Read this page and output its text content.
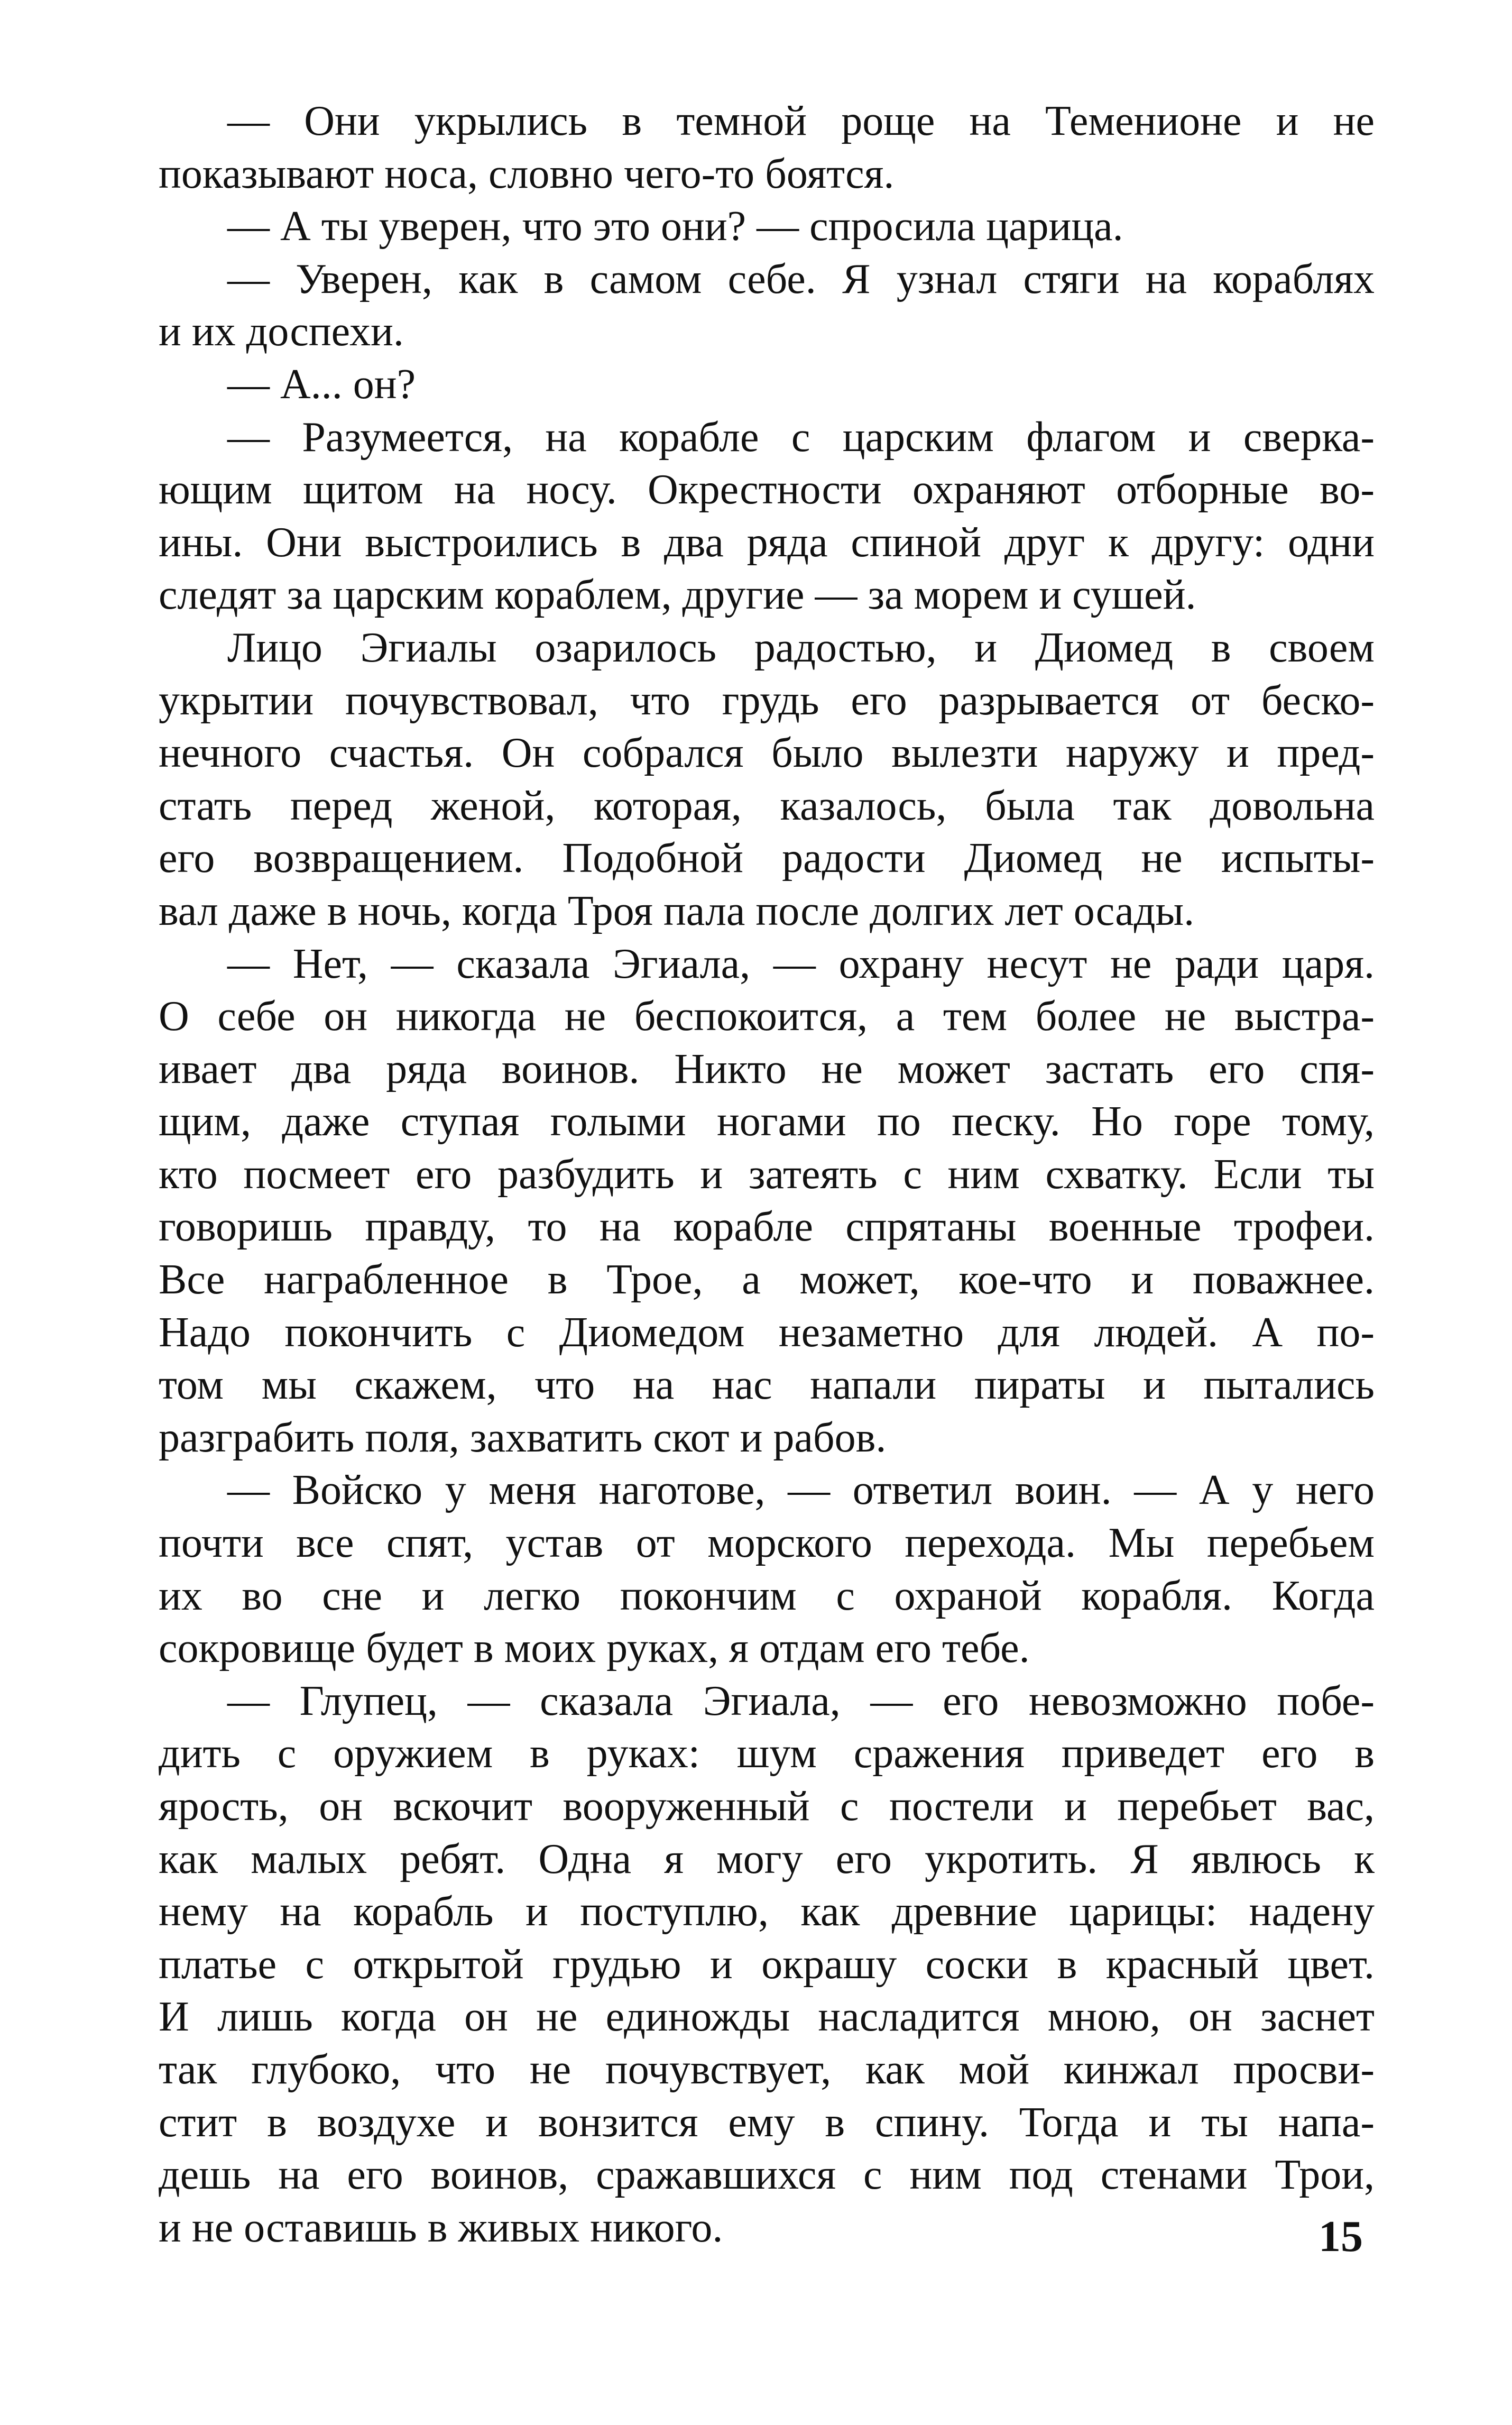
— Они укрылись в темной роще на Теменионе и не
показывают носа, словно чего-то боятся.
— А ты уверен, что это они? — спросила царица.
— Уверен, как в самом себе. Я узнал стяги на кораблях
и их доспехи.
— А... он?
— Разумеется, на корабле с царским флагом и сверка-
ющим щитом на носу. Окрестности охраняют отборные во-
ины. Они выстроились в два ряда спиной друг к другу: одни
следят за царским кораблем, другие — за морем и сушей.
Лицо Эгиалы озарилось радостью, и Диомед в своем
укрытии почувствовал, что грудь его разрывается от беско-
нечного счастья. Он собрался было вылезти наружу и пред-
стать перед женой, которая, казалось, была так довольна
его возвращением. Подобной радости Диомед не испыты-
вал даже в ночь, когда Троя пала после долгих лет осады.
— Нет, — сказала Эгиала, — охрану несут не ради царя.
О себе он никогда не беспокоится, а тем более не выстра-
ивает два ряда воинов. Никто не может застать его спя-
щим, даже ступая голыми ногами по песку. Но горе тому,
кто посмеет его разбудить и затеять с ним схватку. Если ты
говоришь правду, то на корабле спрятаны военные трофеи.
Все награбленное в Трое, а может, кое-что и поважнее.
Надо покончить с Диомедом незаметно для людей. А по-
том мы скажем, что на нас напали пираты и пытались
разграбить поля, захватить скот и рабов.
— Войско у меня наготове, — ответил воин. — А у него
почти все спят, устав от морского перехода. Мы перебьем
их во сне и легко покончим с охраной корабля. Когда
сокровище будет в моих руках, я отдам его тебе.
— Глупец, — сказала Эгиала, — его невозможно побе-
дить с оружием в руках: шум сражения приведет его в
ярость, он вскочит вооруженный с постели и перебьет вас,
как малых ребят. Одна я могу его укротить. Я явлюсь к
нему на корабль и поступлю, как древние царицы: надену
платье с открытой грудью и окрашу соски в красный цвет.
И лишь когда он не единожды насладится мною, он заснет
так глубоко, что не почувствует, как мой кинжал просви-
стит в воздухе и вонзится ему в спину. Тогда и ты напа-
дешь на его воинов, сражавшихся с ним под стенами Трои,
и не оставишь в живых никого.	15
